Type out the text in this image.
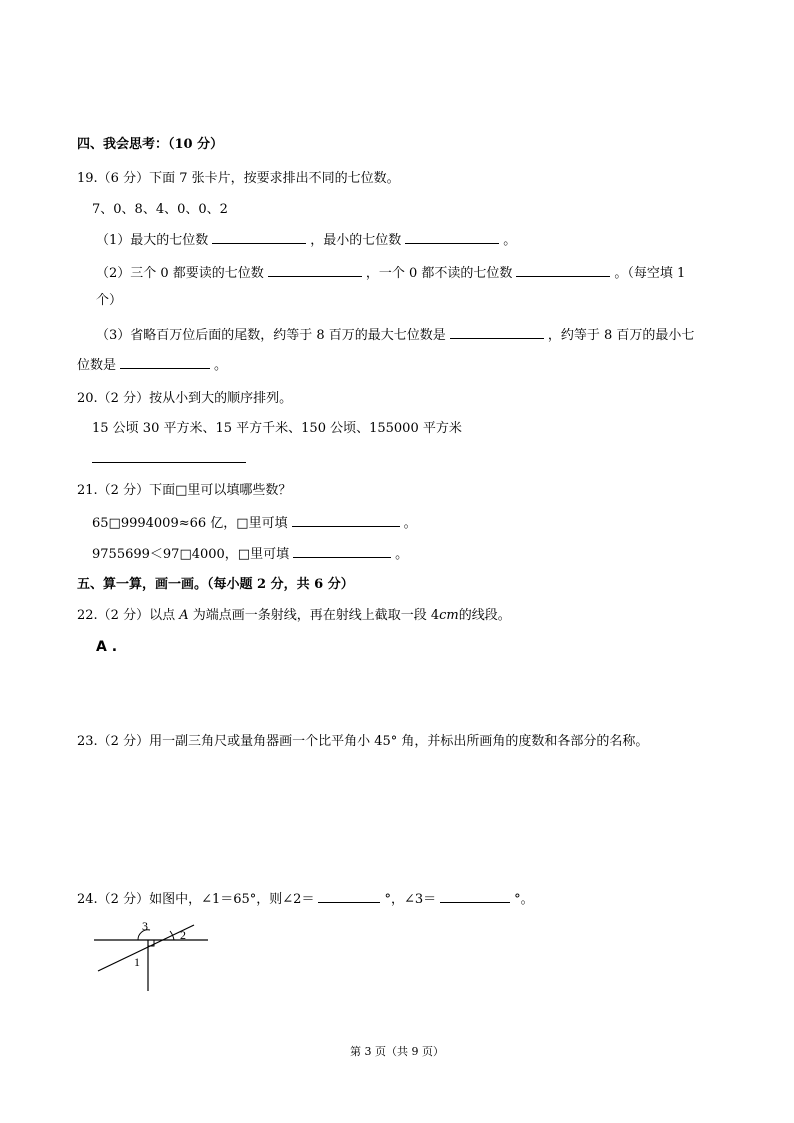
四、我会思考：（10 分）
19.（6 分）下面 7 张卡片，按要求排出不同的七位数。
7、0、8、4、0、0、2
（1）最大的七位数	，最小的七位数	。
（2）三个 0 都要读的七位数	，一个 0 都不读的七位数	。（每空填 1
个）
（3）省略百万位后面的尾数，约等于 8 百万的最大七位数是	，约等于 8 百万的最小七
位数是	。
20.（2 分）按从小到大的顺序排列。
15 公顷 30 平方米、15 平方千米、150 公顷、155000 平方米
21.（2 分）下面□里可以填哪些数？
65□9994009≈66 亿，□里可填	。
9755699＜97□4000，□里可填	。
五、算一算，画一画。（每小题 2 分，共 6 分）
22.（2 分）以点 A 为端点画一条射线，再在射线上截取一段 4cm的线段。
A .
23.（2 分）用一副三角尺或量角器画一个比平角小 45° 角，并标出所画角的度数和各部分的名称。
24.（2 分）如图中，∠1＝65°，则∠2＝	°，∠3＝	°。
3
2
1
第 3 页（共 9 页）
